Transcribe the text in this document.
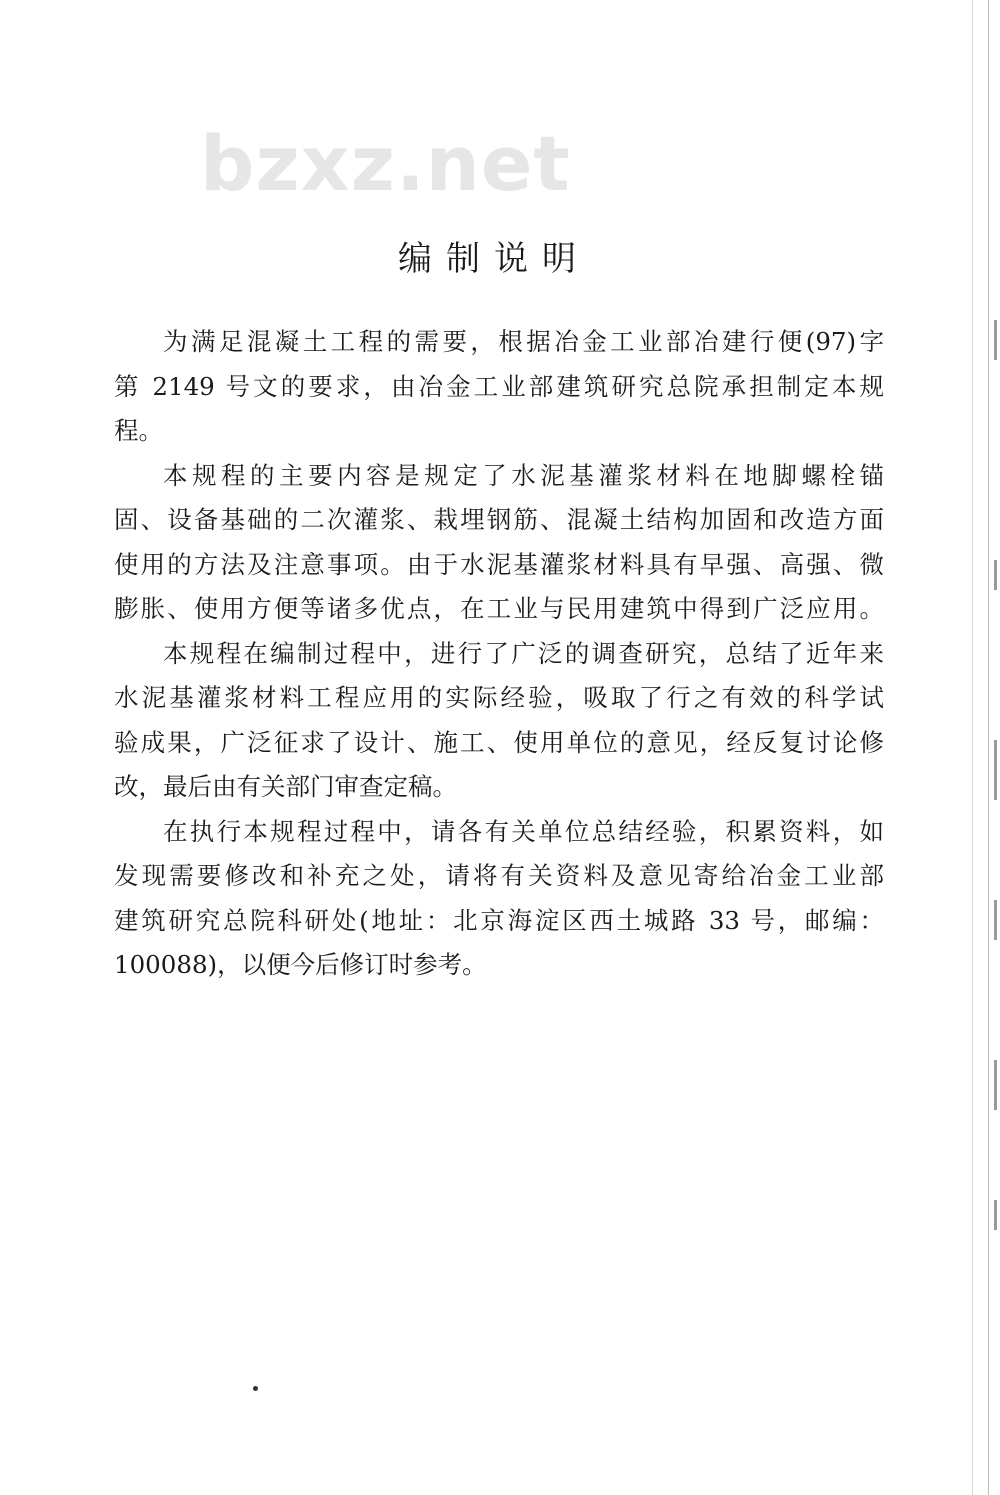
bzxz.net
编制说明
为满足混凝土工程的需要，根据冶金工业部冶建行便(97)字
第 2149 号文的要求，由冶金工业部建筑研究总院承担制定本规
程。
本规程的主要内容是规定了水泥基灌浆材料在地脚螺栓锚
固、设备基础的二次灌浆、栽埋钢筋、混凝土结构加固和改造方面
使用的方法及注意事项。由于水泥基灌浆材料具有早强、高强、微
膨胀、使用方便等诸多优点，在工业与民用建筑中得到广泛应用。
本规程在编制过程中，进行了广泛的调查研究，总结了近年来
水泥基灌浆材料工程应用的实际经验，吸取了行之有效的科学试
验成果，广泛征求了设计、施工、使用单位的意见，经反复讨论修
改，最后由有关部门审查定稿。
在执行本规程过程中，请各有关单位总结经验，积累资料，如
发现需要修改和补充之处，请将有关资料及意见寄给冶金工业部
建筑研究总院科研处(地址：北京海淀区西土城路 33 号，邮编：
100088)，以便今后修订时参考。
